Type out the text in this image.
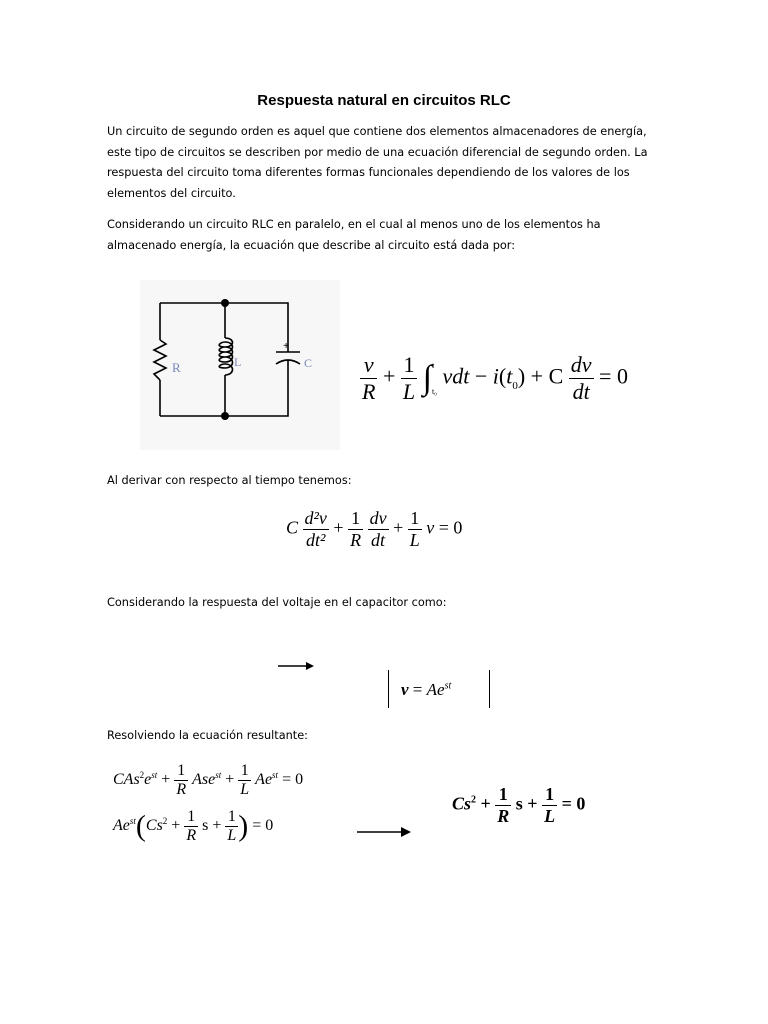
Respuesta natural en circuitos RLC
Un circuito de segundo orden es aquel que contiene dos elementos almacenadores de energía,
este tipo de circuitos se describen por medio de una ecuación diferencial de segundo orden. La
respuesta del circuito toma diferentes formas funcionales dependiendo de los valores de los
elementos del circuito.
Considerando un circuito RLC en paralelo, en el cual al menos uno de los elementos ha
almacenado energía, la ecuación que describe al circuito está dada por:
R	L	C
+
$\frac{v}{R} + \frac{1}{L}$ ∫ t
t₀
vdt − $i(t_0) + C \frac{dv}{dt} = 0$
Al derivar con respecto al tiempo tenemos:
C $\frac{\text{d²v}}{\text{dt²}} + \frac{1}{R}$
$\frac{dv}{dt} + \frac{1}{L}$ v = 0
Considerando la respuesta del voltaje en el capacitor como:
$v = Ae^{st}$
Resolviendo la ecuación resultante:
$CAs^2e^{st} + \frac{1}{R} Ase^{st} + \frac{1}{L} Ae^{st} = 0$
$Ae^{st}(Cs^2 + \frac{1}{R}$ $s + \frac{1}{L}$ ) = 0
$Cs^2 + \frac{1}{R}$ $s + \frac{1}{L} = 0$
